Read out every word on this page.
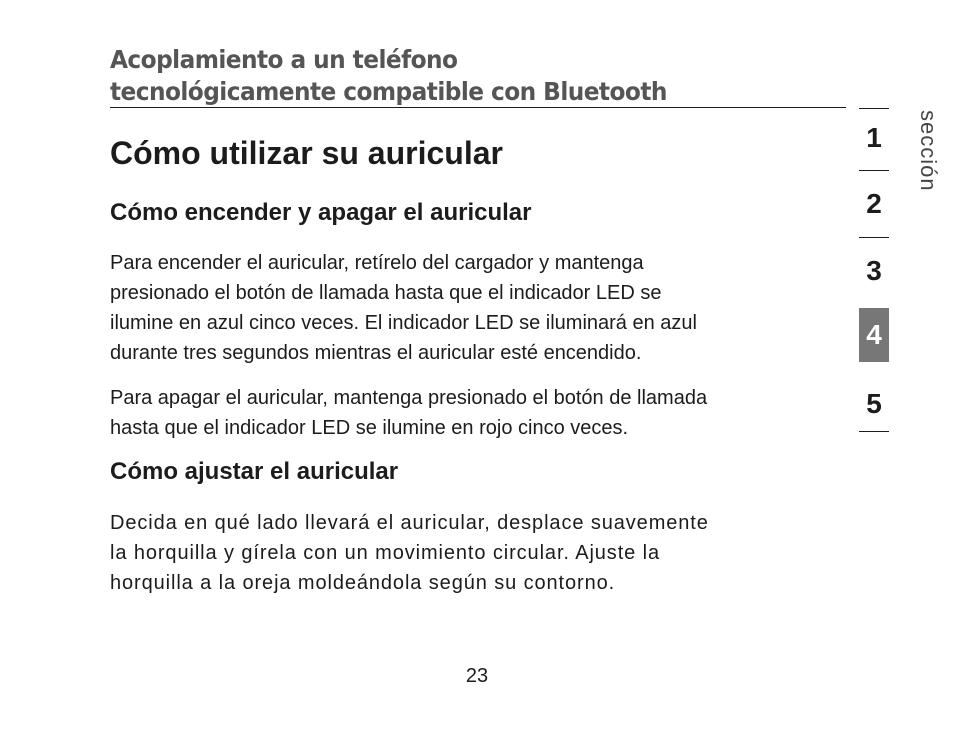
Acoplamiento a un teléfono
tecnológicamente compatible con Bluetooth
Cómo utilizar su auricular
Cómo encender y apagar el auricular

Para encender el auricular, retírelo del cargador y mantenga
presionado el botón de llamada hasta que el indicador LED se
ilumine en azul cinco veces. El indicador LED se iluminará en azul
durante tres segundos mientras el auricular esté encendido.

Para apagar el auricular, mantenga presionado el botón de llamada
hasta que el indicador LED se ilumine en rojo cinco veces.

Cómo ajustar el auricular

Decida en qué lado llevará el auricular, desplace suavemente
la horquilla y gírela con un movimiento circular. Ajuste la
horquilla a la oreja moldeándola según su contorno.

1
2
3
4
5
sección
23
